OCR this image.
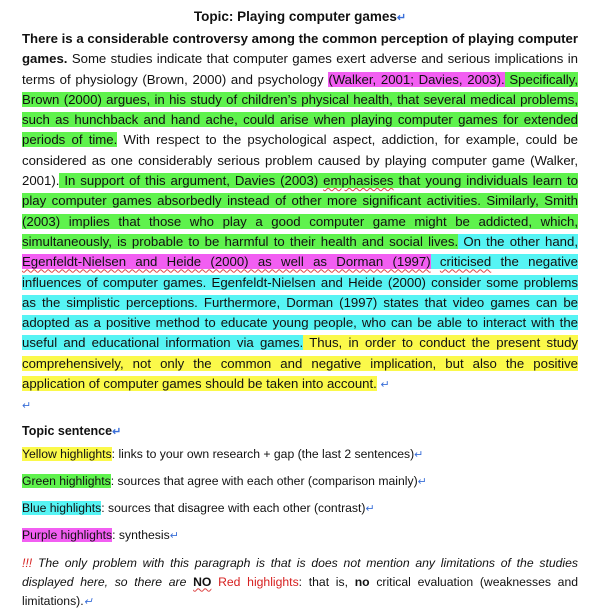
Topic: Playing computer games↵

There is a considerable controversy among the common perception of playing computer games. Some studies indicate that computer games exert adverse and serious implications in terms of physiology (Brown, 2000) and psychology (Walker, 2001; Davies, 2003). Specifically, Brown (2000) argues, in his study of children’s physical health, that several medical problems, such as hunchback and hand ache, could arise when playing computer games for extended periods of time. With respect to the psychological aspect, addiction, for example, could be considered as one considerably serious problem caused by playing computer game (Walker, 2001). In support of this argument, Davies (2003) emphasises that young individuals learn to play computer games absorbedly instead of other more significant activities. Similarly, Smith (2003) implies that those who play a good computer game might be addicted, which, simultaneously, is probable to be harmful to their health and social lives. On the other hand, Egenfeldt-Nielsen and Heide (2000) as well as Dorman (1997) criticised the negative influences of computer games. Egenfeldt-Nielsen and Heide (2000) consider some problems as the simplistic perceptions. Furthermore, Dorman (1997) states that video games can be adopted as a positive method to educate young people, who can be able to interact with the useful and educational information via games. Thus, in order to conduct the present study comprehensively, not only the common and negative implication, but also the positive application of computer games should be taken into account. ↵
↵

Topic sentence↵
Yellow highlights: links to your own research + gap (the last 2 sentences)↵
Green highlights: sources that agree with each other (comparison mainly)↵
Blue highlights: sources that disagree with each other (contrast)↵
Purple highlights: synthesis↵

!!! The only problem with this paragraph is that is does not mention any limitations of the studies displayed here, so there are NO Red highlights: that is, no critical evaluation (weaknesses and limitations).↵
